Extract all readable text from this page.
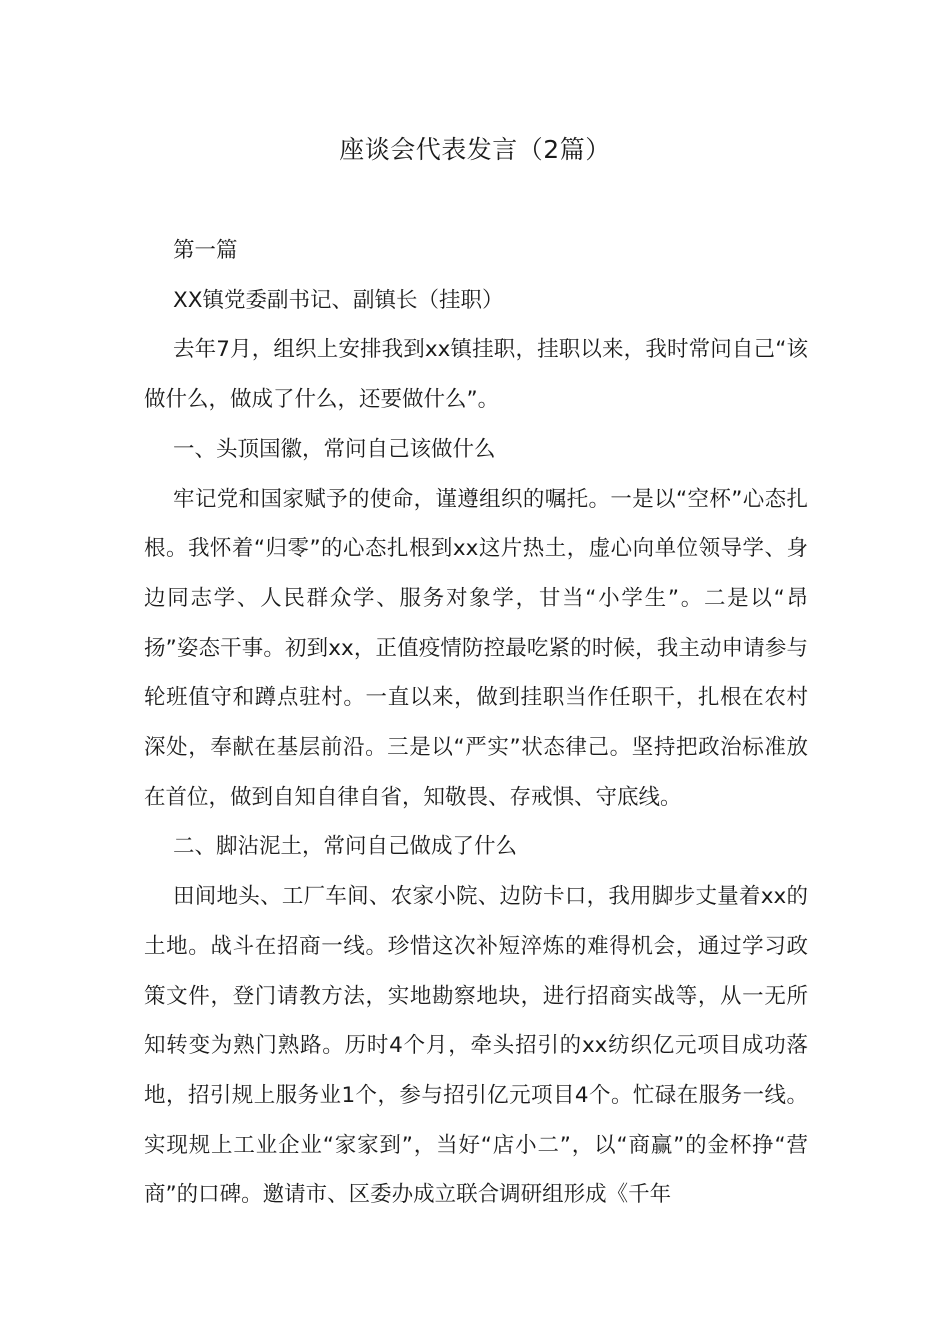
座谈会代表发言（2篇）

第一篇

XX镇党委副书记、副镇长（挂职）

去年7月，组织上安排我到xx镇挂职，挂职以来，我时常问自己“该做什么，做成了什么，还要做什么”。

一、头顶国徽，常问自己该做什么

牢记党和国家赋予的使命，谨遵组织的嘱托。一是以“空杯”心态扎根。我怀着“归零”的心态扎根到xx这片热土，虚心向单位领导学、身边同志学、人民群众学、服务对象学，甘当“小学生”。二是以“昂扬”姿态干事。初到xx，正值疫情防控最吃紧的时候，我主动申请参与轮班值守和蹲点驻村。一直以来，做到挂职当作任职干，扎根在农村深处，奉献在基层前沿。三是以“严实”状态律己。坚持把政治标准放在首位，做到自知自律自省，知敬畏、存戒惧、守底线。

二、脚沾泥土，常问自己做成了什么

田间地头、工厂车间、农家小院、边防卡口，我用脚步丈量着xx的土地。战斗在招商一线。珍惜这次补短淬炼的难得机会，通过学习政策文件，登门请教方法，实地勘察地块，进行招商实战等，从一无所知转变为熟门熟路。历时4个月，牵头招引的xx纺织亿元项目成功落地，招引规上服务业1个，参与招引亿元项目4个。忙碌在服务一线。实现规上工业企业“家家到”，当好“店小二”，以“商赢”的金杯挣“营商”的口碑。邀请市、区委办成立联合调研组形成《千年
